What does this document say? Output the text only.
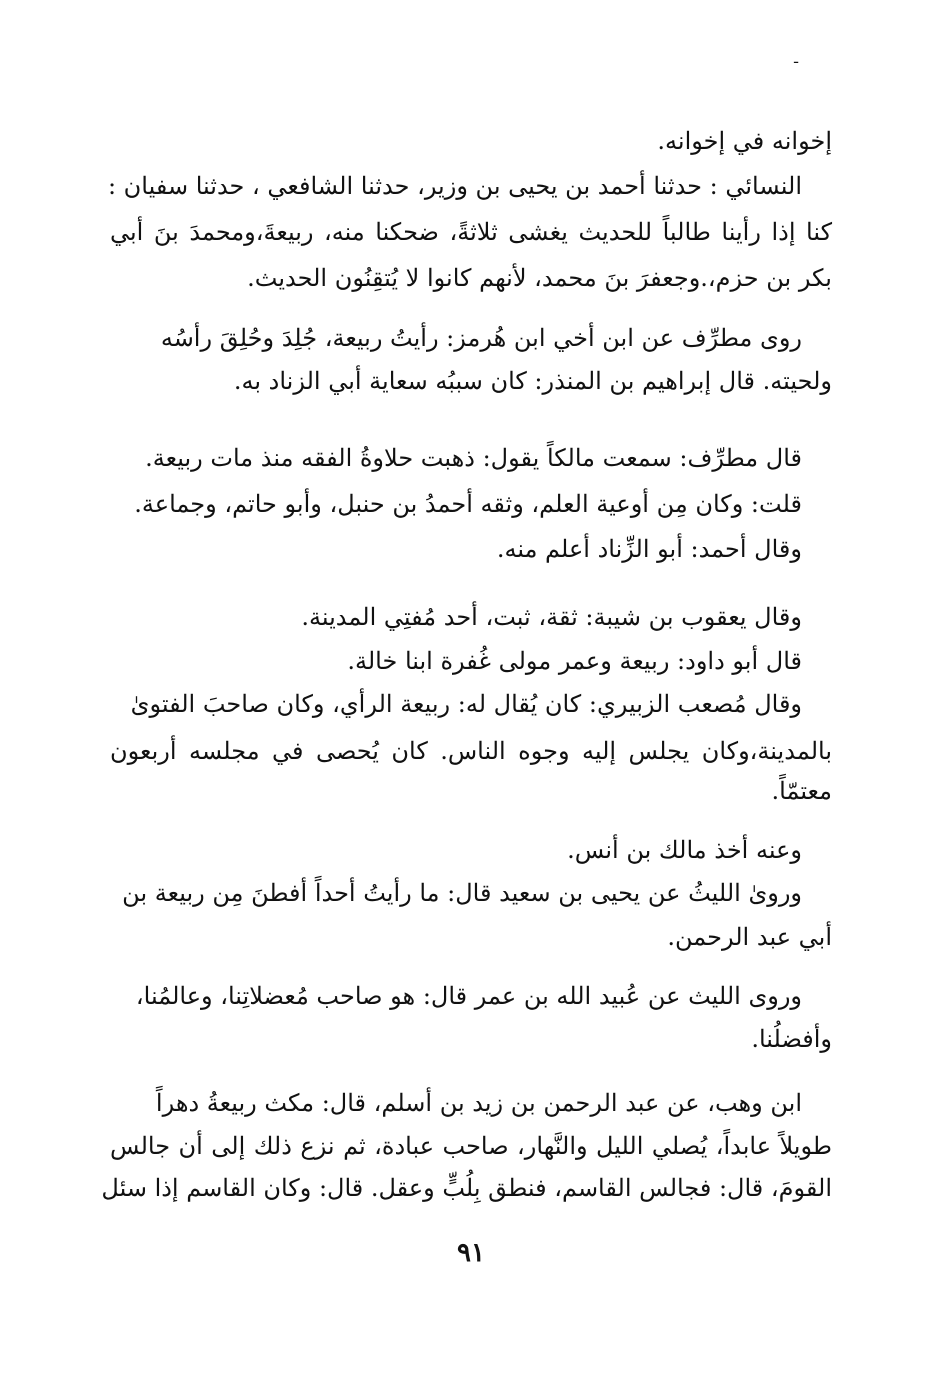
ـ
إخوانه في إخوانه.
النسائي : حدثنا أحمد بن يحيى بن وزير، حدثنا الشافعي ، حدثنا سفيان :
كنا إذا رأينا طالباً للحديث يغشى ثلاثةً، ضحكنا منه، ربيعةَ،ومحمدَ بنَ أبي
بكر بن حزم،.وجعفرَ بنَ محمد، لأنهم كانوا لا يُتقِنُون الحديث.
روى مطرِّف عن ابن أخي ابن هُرمز: رأيتُ ربيعة، جُلِدَ وحُلِقَ رأسُه
ولحيته. قال إبراهيم بن المنذر: كان سببُه سعاية أبي الزناد به.
قال مطرِّف: سمعت مالكاً يقول: ذهبت حلاوةُ الفقه منذ مات ربيعة.
قلت: وكان مِن أوعية العلم، وثقه أحمدُ بن حنبل، وأبو حاتم، وجماعة.
وقال أحمد: أبو الزِّناد أعلم منه.
وقال يعقوب بن شيبة: ثقة، ثبت، أحد مُفتِي المدينة.
قال أبو داود: ربيعة وعمر مولى غُفرة ابنا خالة.
وقال مُصعب الزبيري: كان يُقال له: ربيعة الرأي، وكان صاحبَ الفتوىٰ
بالمدينة،وكان يجلس إليه وجوه الناس. كان يُحصى في مجلسه أربعون
معتمّاً.
وعنه أخذ مالك بن أنس.
وروىٰ الليثُ عن يحيى بن سعيد قال: ما رأيتُ أحداً أفطنَ مِن ربيعة بن
أبي عبد الرحمن.
وروى الليث عن عُبيد الله بن عمر قال: هو صاحب مُعضلاتِنا، وعالمُنا،
وأفضلُنا.
ابن وهب، عن عبد الرحمن بن زيد بن أسلم، قال: مكث ربيعةُ دهراً
طويلاً عابداً، يُصلي الليل والنَّهار، صاحب عبادة، ثم نزع ذلك إلى أن جالس
القومَ، قال: فجالس القاسم، فنطق بِلُبٍّ وعقل. قال: وكان القاسم إذا سئل
٩١
